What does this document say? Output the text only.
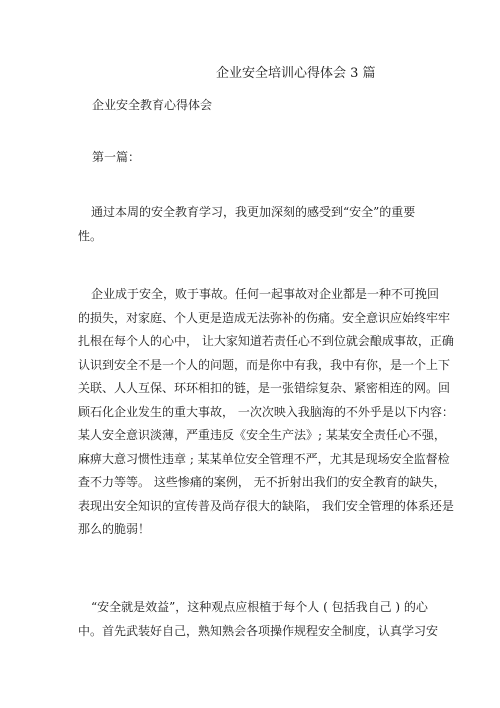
企业安全培训心得体会 3 篇
企业安全教育心得体会
第一篇：
通过本周的安全教育学习，我更加深刻的感受到“安全”的重要
性。
企业成于安全，败于事故。任何一起事故对企业都是一种不可挽回
的损失，对家庭、个人更是造成无法弥补的伤痛。安全意识应始终牢牢
扎根在每个人的心中， 让大家知道若责任心不到位就会酿成事故，正确
认识到安全不是一个人的问题，而是你中有我，我中有你，是一个上下
关联、人人互保、环环相扣的链，是一张错综复杂、紧密相连的网。回
顾石化企业发生的重大事故， 一次次映入我脑海的不外乎是以下内容：
某人安全意识淡薄，严重违反《安全生产法》; 某某安全责任心不强，
麻痹大意习惯性违章 ; 某某单位安全管理不严，尤其是现场安全监督检
查不力等等。 这些惨痛的案例， 无不折射出我们的安全教育的缺失，
表现出安全知识的宣传普及尚存很大的缺陷， 我们安全管理的体系还是
那么的脆弱！
“安全就是效益”，这种观点应根植于每个人 ( 包括我自己 ) 的心
中。首先武装好自己，熟知熟会各项操作规程安全制度，认真学习安
